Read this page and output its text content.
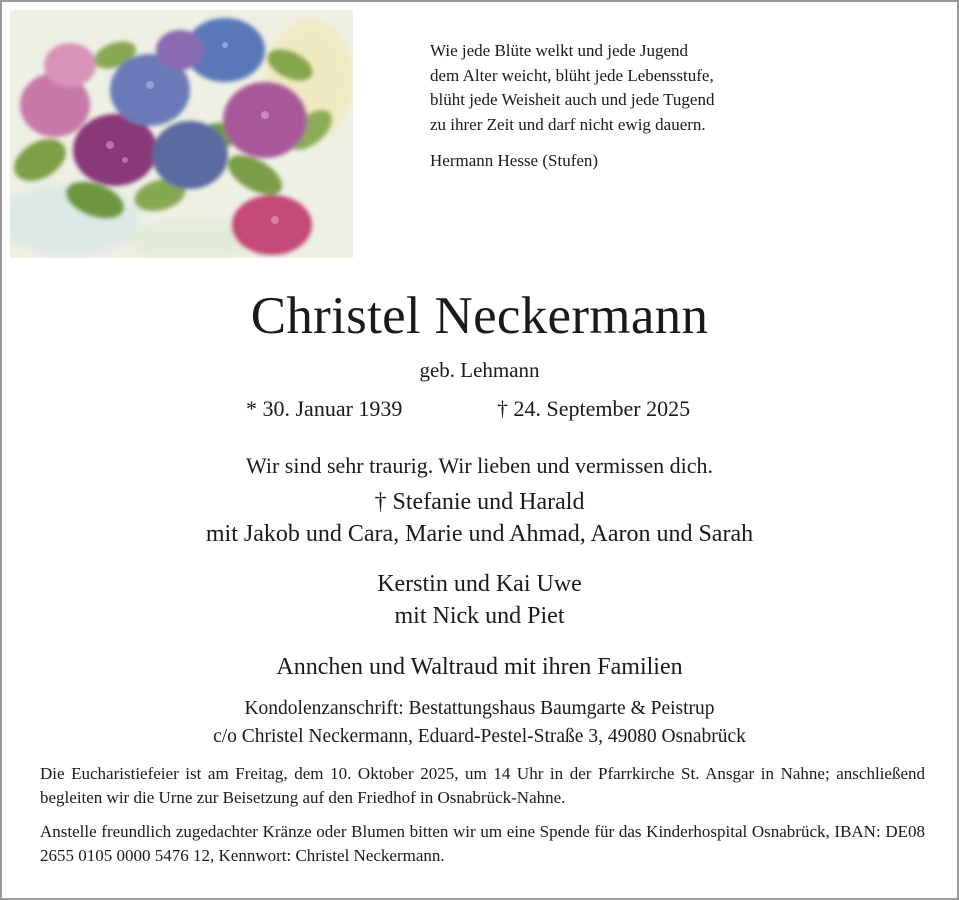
Wie jede Blüte welkt und jede Jugend
dem Alter weicht, blüht jede Lebensstufe,
blüht jede Weisheit auch und jede Tugend
zu ihrer Zeit und darf nicht ewig dauern.
Hermann Hesse (Stufen)
Christel Neckermann
geb. Lehmann
* 30. Januar 1939	† 24. September 2025
Wir sind sehr traurig. Wir lieben und vermissen dich.
† Stefanie und Harald
mit Jakob und Cara, Marie und Ahmad, Aaron und Sarah
Kerstin und Kai Uwe
mit Nick und Piet
Annchen und Waltraud mit ihren Familien
Kondolenzanschrift: Bestattungshaus Baumgarte & Peistrup
c/o Christel Neckermann, Eduard-Pestel-Straße 3, 49080 Osnabrück
Die Eucharistiefeier ist am Freitag, dem 10. Oktober 2025, um 14 Uhr in der Pfarrkirche St. Ansgar in Nahne; anschließend begleiten wir die Urne zur Beisetzung auf den Friedhof in Osnabrück-Nahne.
Anstelle freundlich zugedachter Kränze oder Blumen bitten wir um eine Spende für das Kinderhospital Osnabrück, IBAN: DE08 2655 0105 0000 5476 12, Kennwort: Christel Neckermann.
